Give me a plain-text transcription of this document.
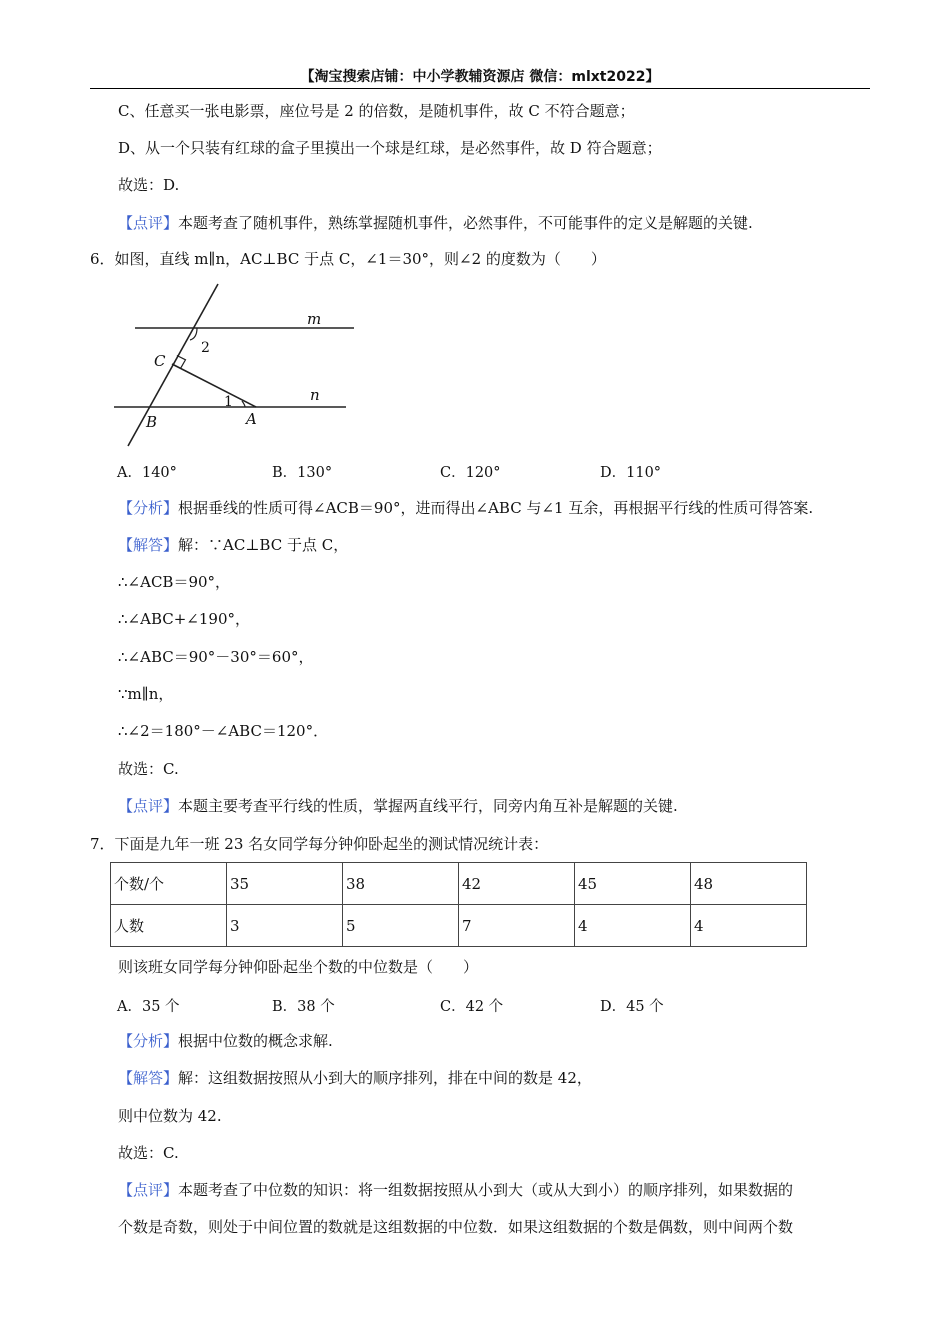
【淘宝搜索店铺：中小学教辅资源店 微信：mlxt2022】
C、任意买一张电影票，座位号是 2 的倍数，是随机事件，故 C 不符合题意；
D、从一个只装有红球的盒子里摸出一个球是红球，是必然事件，故 D 符合题意；
故选：D.
【点评】本题考查了随机事件，熟练掌握随机事件，必然事件，不可能事件的定义是解题的关键.
6．如图，直线 m∥n，AC⊥BC 于点 C，∠1＝30°，则∠2 的度数为（　　）
m
n
C
B	A
1
2
A．140°	B．130°	C．120°	D．110°
【分析】根据垂线的性质可得∠ACB＝90°，进而得出∠ABC 与∠1 互余，再根据平行线的性质可得答案.
【解答】解：∵AC⊥BC 于点 C，
∴∠ACB＝90°，
∴∠ABC+∠190°，
∴∠ABC＝90°－30°＝60°，
∵m∥n，
∴∠2＝180°－∠ABC＝120°．
故选：C.
【点评】本题主要考查平行线的性质，掌握两直线平行，同旁内角互补是解题的关键.
7．下面是九年一班 23 名女同学每分钟仰卧起坐的测试情况统计表：
个数/个	35	38	42	45	48
人数	3	5	7	4	4
则该班女同学每分钟仰卧起坐个数的中位数是（　　）
A．35 个	B．38 个	C．42 个	D．45 个
【分析】根据中位数的概念求解.
【解答】解：这组数据按照从小到大的顺序排列，排在中间的数是 42，
则中位数为 42.
故选：C.
【点评】本题考查了中位数的知识：将一组数据按照从小到大（或从大到小）的顺序排列，如果数据的
个数是奇数，则处于中间位置的数就是这组数据的中位数．如果这组数据的个数是偶数，则中间两个数
